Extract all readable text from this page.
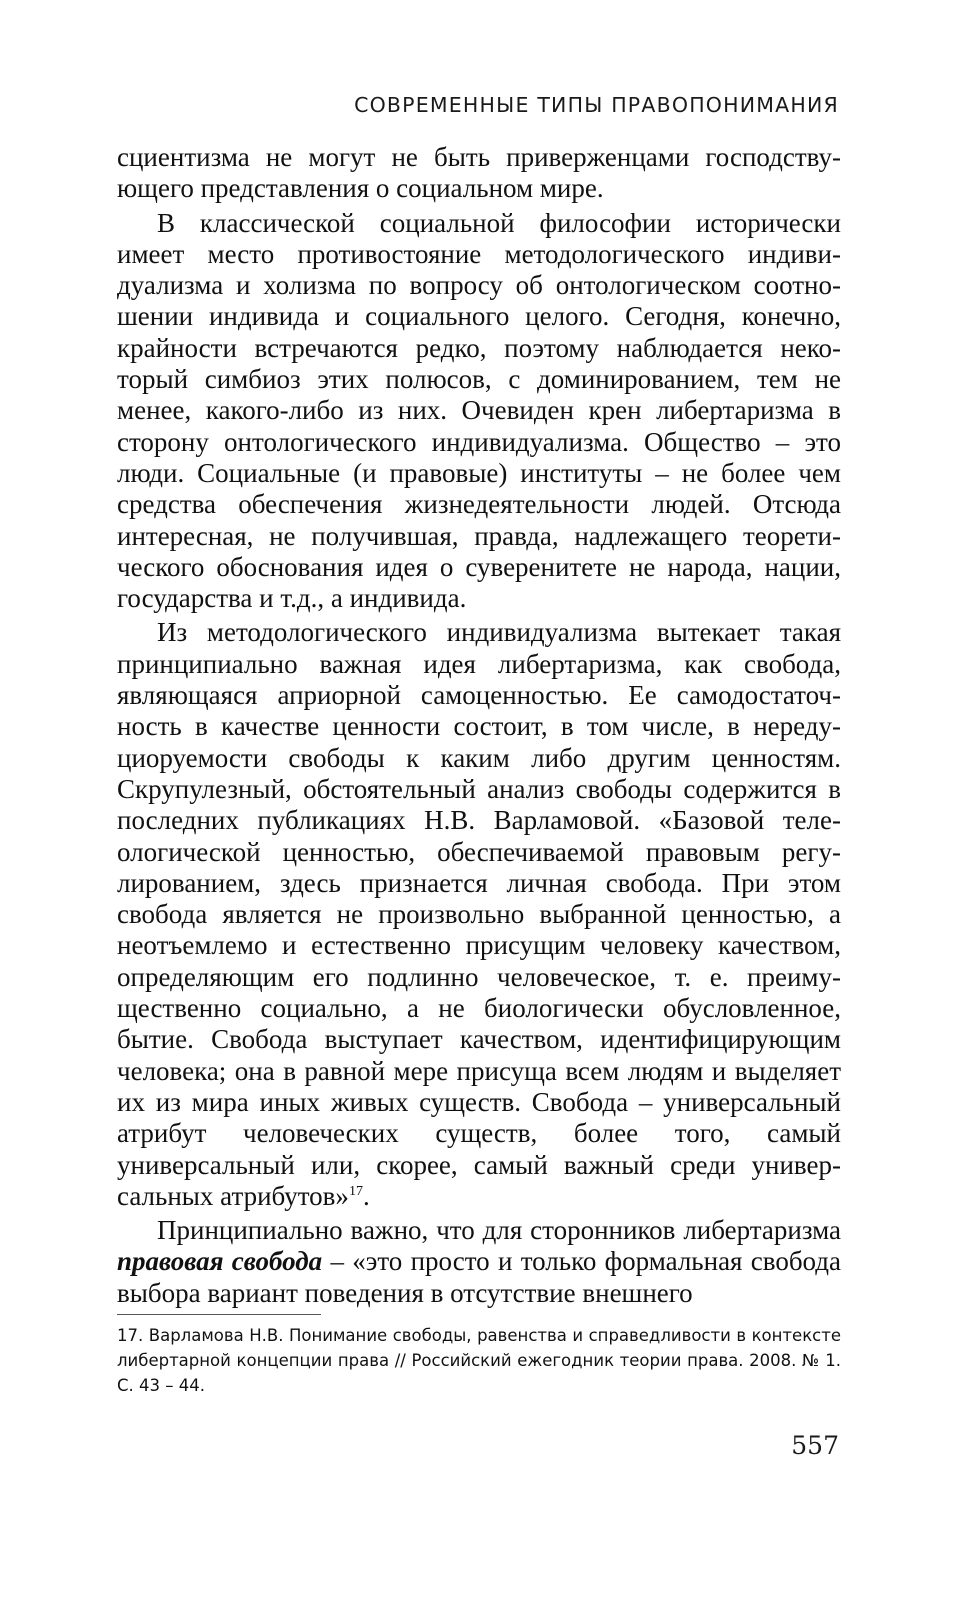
СОВРЕМЕННЫЕ ТИПЫ ПРАВОПОНИМАНИЯ

сциентизма не могут не быть приверженцами господствующего представления о социальном мире.

В классической социальной философии исторически имеет место противостояние методологического индивидуализма и холизма по вопросу об онтологическом соотношении индивида и социального целого. Сегодня, конечно, крайности встречаются редко, поэтому наблюдается некоторый симбиоз этих полюсов, с доминированием, тем не менее, какого-либо из них. Очевиден крен либертаризма в сторону онтологического индивидуализма. Общество – это люди. Социальные (и правовые) институты – не более чем средства обеспечения жизнедеятельности людей. Отсюда интересная, не получившая, правда, надлежащего теоретического обоснования идея о суверенитете не народа, нации, государства и т.д., а индивида.

Из методологического индивидуализма вытекает такая принципиально важная идея либертаризма, как свобода, являющаяся априорной самоценностью. Ее самодостаточность в качестве ценности состоит, в том числе, в нередуциоруемости свободы к каким либо другим ценностям. Скрупулезный, обстоятельный анализ свободы содержится в последних публикациях Н.В. Варламовой. «Базовой телеологической ценностью, обеспечиваемой правовым регулированием, здесь признается личная свобода. При этом свобода является не произвольно выбранной ценностью, а неотъемлемо и естественно присущим человеку качеством, определяющим его подлинно человеческое, т. е. преимущественно социально, а не биологически обусловленное, бытие. Свобода выступает качеством, идентифицирующим человека; она в равной мере присуща всем людям и выделяет их из мира иных живых существ. Свобода – универсальный атрибут человеческих существ, более того, самый универсальный или, скорее, самый важный среди универсальных атрибутов»$^{17}$.

Принципиально важно, что для сторонников либертаризма правовая свобода – «это просто и только формальная свобода выбора вариант поведения в отсутствие внешнего

17. Варламова Н.В. Понимание свободы, равенства и справедливости в контексте либертарной концепции права // Российский ежегодник теории права. 2008. № 1. С. 43 – 44.

557
